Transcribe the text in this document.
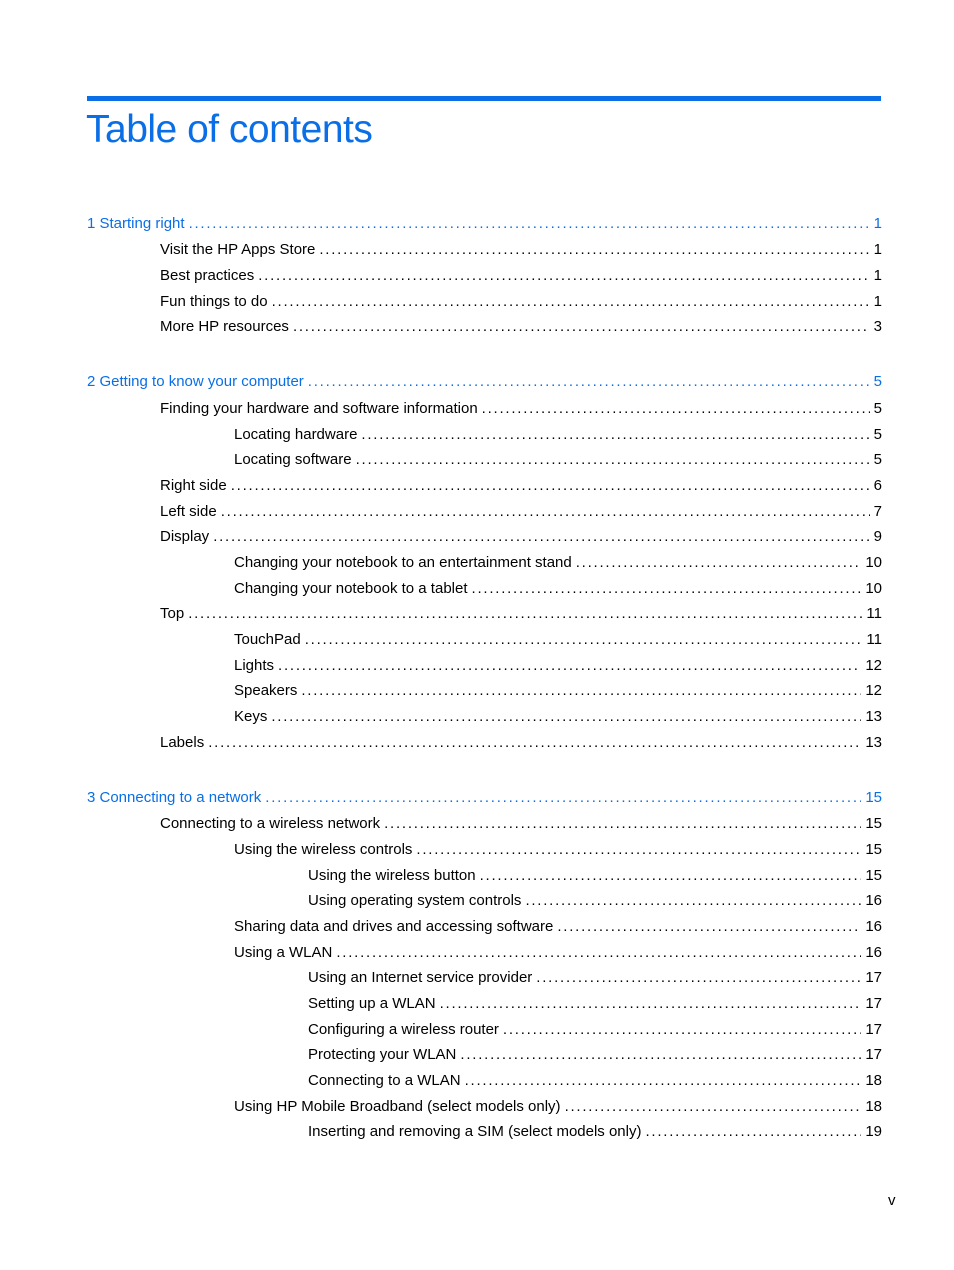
Table of contents
1 Starting right . . .	1
Visit the HP Apps Store . . .	1
Best practices . . .	1
Fun things to do . . .	1
More HP resources . . .	3
2 Getting to know your computer . . .	5
Finding your hardware and software information . . .	5
Locating hardware . . .	5
Locating software . . .	5
Right side . . .	6
Left side . . .	7
Display . . .	9
Changing your notebook to an entertainment stand . . .	10
Changing your notebook to a tablet . . .	10
Top . . .	11
TouchPad . . .	11
Lights . . .	12
Speakers . . .	12
Keys . . .	13
Labels . . .	13
3 Connecting to a network . . .	15
Connecting to a wireless network . . .	15
Using the wireless controls . . .	15
Using the wireless button . . .	15
Using operating system controls . . .	16
Sharing data and drives and accessing software . . .	16
Using a WLAN . . .	16
Using an Internet service provider . . .	17
Setting up a WLAN . . .	17
Configuring a wireless router . . .	17
Protecting your WLAN . . .	17
Connecting to a WLAN . . .	18
Using HP Mobile Broadband (select models only) . . .	18
Inserting and removing a SIM (select models only) . . .	19
v
